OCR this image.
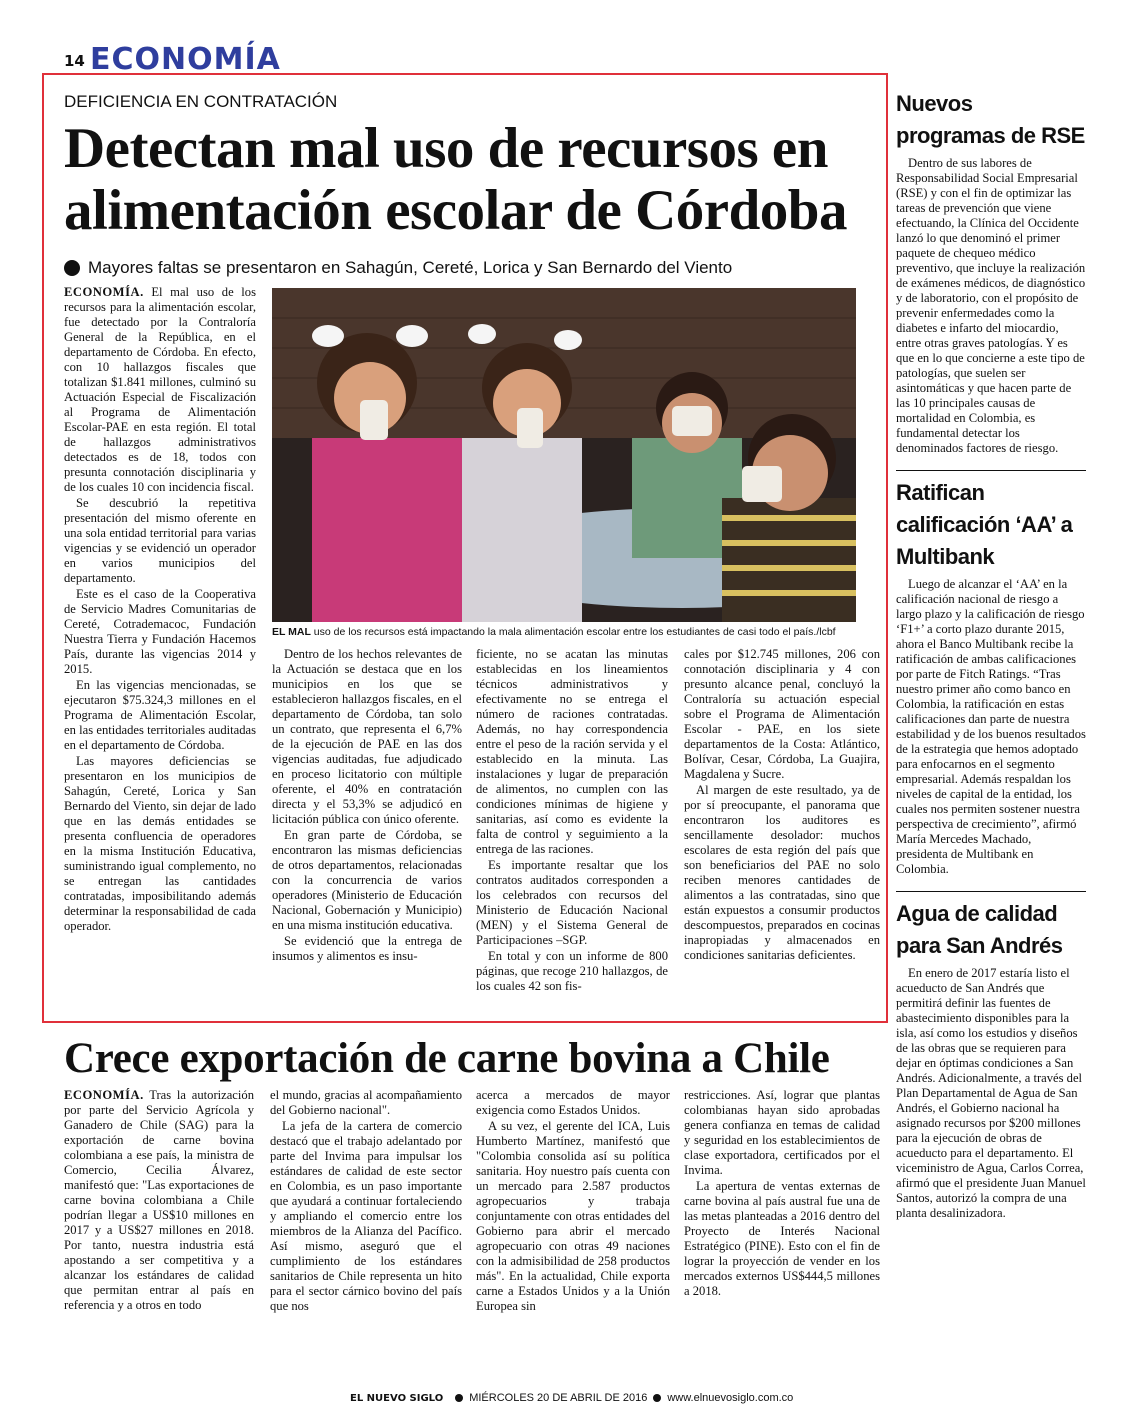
14 ECONOMÍA
DEFICIENCIA EN CONTRATACIÓN
Detectan mal uso de recursos en alimentación escolar de Córdoba
Mayores faltas se presentaron en Sahagún, Cereté, Lorica y San Bernardo del Viento

ECONOMÍA. El mal uso de los recursos para la alimentación escolar, fue detectado por la Contraloría General de la República, en el departamento de Córdoba. En efecto, con 10 hallazgos fiscales que totalizan $1.841 millones, culminó su Actuación Especial de Fiscalización al Programa de Alimentación Escolar-PAE en esta región. El total de hallazgos administrativos detectados es de 18, todos con presunta connotación disciplinaria y de los cuales 10 con incidencia fiscal.

Se descubrió la repetitiva presentación del mismo oferente en una sola entidad territorial para varias vigencias y se evidenció un operador en varios municipios del departamento.

Este es el caso de la Cooperativa de Servicio Madres Comunitarias de Cereté, Cotrademacoc, Fundación Nuestra Tierra y Fundación Hacemos País, durante las vigencias 2014 y 2015.

En las vigencias mencionadas, se ejecutaron $75.324,3 millones en el Programa de Alimentación Escolar, en las entidades territoriales auditadas en el departamento de Córdoba.

Las mayores deficiencias se presentaron en los municipios de Sahagún, Cereté, Lorica y San Bernardo del Viento, sin dejar de lado que en las demás entidades se presenta confluencia de operadores en la misma Institución Educativa, suministrando igual complemento, no se entregan las cantidades contratadas, imposibilitando además determinar la responsabilidad de cada operador.

EL MAL uso de los recursos está impactando la mala alimentación escolar entre los estudiantes de casi todo el país./lcbf

Dentro de los hechos relevantes de la Actuación se destaca que en los municipios en los que se establecieron hallazgos fiscales, en el departamento de Córdoba, tan solo un contrato, que representa el 6,7% de la ejecución de PAE en las dos vigencias auditadas, fue adjudicado en proceso licitatorio con múltiple oferente, el 40% en contratación directa y el 53,3% se adjudicó en licitación pública con único oferente.

En gran parte de Córdoba, se encontraron las mismas deficiencias de otros departamentos, relacionadas con la concurrencia de varios operadores (Ministerio de Educación Nacional, Gobernación y Municipio) en una misma institución educativa.

Se evidenció que la entrega de insumos y alimentos es insu-

ficiente, no se acatan las minutas establecidas en los lineamientos técnicos administrativos y efectivamente no se entrega el número de raciones contratadas. Además, no hay correspondencia entre el peso de la ración servida y el establecido en la minuta. Las instalaciones y lugar de preparación de alimentos, no cumplen con las condiciones mínimas de higiene y sanitarias, así como es evidente la falta de control y seguimiento a la entrega de las raciones.

Es importante resaltar que los contratos auditados corresponden a los celebrados con recursos del Ministerio de Educación Nacional (MEN) y el Sistema General de Participaciones –SGP.

En total y con un informe de 800 páginas, que recoge 210 hallazgos, de los cuales 42 son fis-

cales por $12.745 millones, 206 con connotación disciplinaria y 4 con presunto alcance penal, concluyó la Contraloría su actuación especial sobre el Programa de Alimentación Escolar - PAE, en los siete departamentos de la Costa: Atlántico, Bolívar, Cesar, Córdoba, La Guajira, Magdalena y Sucre.

Al margen de este resultado, ya de por sí preocupante, el panorama que encontraron los auditores es sencillamente desolador: muchos escolares de esta región del país que son beneficiarios del PAE no solo reciben menores cantidades de alimentos a las contratadas, sino que están expuestos a consumir productos descompuestos, preparados en cocinas inapropiadas y almacenados en condiciones sanitarias deficientes.

Nuevos programas de RSE

Dentro de sus labores de Responsabilidad Social Empresarial (RSE) y con el fin de optimizar las tareas de prevención que viene efectuando, la Clínica del Occidente lanzó lo que denominó el primer paquete de chequeo médico preventivo, que incluye la realización de exámenes médicos, de diagnóstico y de laboratorio, con el propósito de prevenir enfermedades como la diabetes e infarto del miocardio, entre otras graves patologías. Y es que en lo que concierne a este tipo de patologías, que suelen ser asintomáticas y que hacen parte de las 10 principales causas de mortalidad en Colombia, es fundamental detectar los denominados factores de riesgo.

Ratifican calificación ‘AA’ a Multibank

Luego de alcanzar el ‘AA’ en la calificación nacional de riesgo a largo plazo y la calificación de riesgo ‘F1+’ a corto plazo durante 2015, ahora el Banco Multibank recibe la ratificación de ambas calificaciones por parte de Fitch Ratings. “Tras nuestro primer año como banco en Colombia, la ratificación en estas calificaciones dan parte de nuestra estabilidad y de los buenos resultados de la estrategia que hemos adoptado para enfocarnos en el segmento empresarial. Además respaldan los niveles de capital de la entidad, los cuales nos permiten sostener nuestra perspectiva de crecimiento”, afirmó María Mercedes Machado, presidenta de Multibank en Colombia.

Agua de calidad para San Andrés

En enero de 2017 estaría listo el acueducto de San Andrés que permitirá definir las fuentes de abastecimiento disponibles para la isla, así como los estudios y diseños de las obras que se requieren para dejar en óptimas condiciones a San Andrés. Adicionalmente, a través del Plan Departamental de Agua de San Andrés, el Gobierno nacional ha asignado recursos por $200 millones para la ejecución de obras de acueducto para el departamento. El viceministro de Agua, Carlos Correa, afirmó que el presidente Juan Manuel Santos, autorizó la compra de una planta desalinizadora.

Crece exportación de carne bovina a Chile

ECONOMÍA. Tras la autorización por parte del Servicio Agrícola y Ganadero de Chile (SAG) para la exportación de carne bovina colombiana a ese país, la ministra de Comercio, Cecilia Álvarez, manifestó que: "Las exportaciones de carne bovina colombiana a Chile podrían llegar a US$10 millones en 2017 y a US$27 millones en 2018. Por tanto, nuestra industria está apostando a ser competitiva y a alcanzar los estándares de calidad que permitan entrar al país en referencia y a otros en todo

el mundo, gracias al acompañamiento del Gobierno nacional".

La jefa de la cartera de comercio destacó que el trabajo adelantado por parte del Invima para impulsar los estándares de calidad de este sector en Colombia, es un paso importante que ayudará a continuar fortaleciendo y ampliando el comercio entre los miembros de la Alianza del Pacífico. Así mismo, aseguró que el cumplimiento de los estándares sanitarios de Chile representa un hito para el sector cárnico bovino del país que nos

acerca a mercados de mayor exigencia como Estados Unidos.

A su vez, el gerente del ICA, Luis Humberto Martínez, manifestó que "Colombia consolida así su política sanitaria. Hoy nuestro país cuenta con un mercado para 2.587 productos agropecuarios y trabaja conjuntamente con otras entidades del Gobierno para abrir el mercado agropecuario con otras 49 naciones con la admisibilidad de 258 productos más". En la actualidad, Chile exporta carne a Estados Unidos y a la Unión Europea sin

restricciones. Así, lograr que plantas colombianas hayan sido aprobadas genera confianza en temas de calidad y seguridad en los establecimientos de clase exportadora, certificados por el Invima.

La apertura de ventas externas de carne bovina al país austral fue una de las metas planteadas a 2016 dentro del Proyecto de Interés Nacional Estratégico (PINE). Esto con el fin de lograr la proyección de vender en los mercados externos US$444,5 millones a 2018.

EL NUEVO SIGLO MIÉRCOLES 20 DE ABRIL DE 2016 www.elnuevosiglo.com.co
